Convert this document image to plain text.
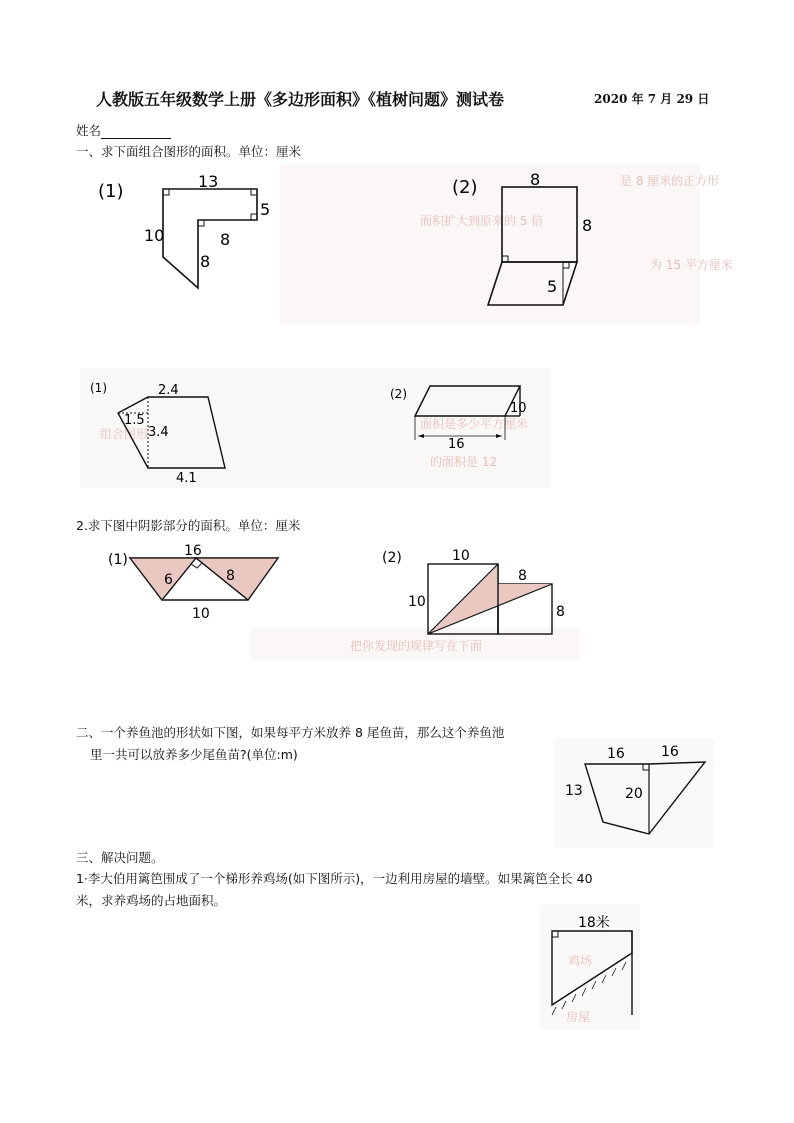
人教版五年级数学上册《多边形面积》《植树问题》测试卷	2020 年 7 月 29 日
姓名
一、求下面组合图形的面积。单位：厘米
是 8 厘米的正方形
面积扩大到原来的 5 倍
为 15 平方厘米
(1)	13
5
10	8
8
(2)	8
8
5
组合图形
面积是多少平方厘米
的面积是 12
(1)	2.4
1.5
3.4
4.1
(2)
16
10
2.求下图中阴影部分的面积。单位：厘米
把你发现的规律写在下面
(1)
16
6	8
10
(2)	10
10
8
8
二、一个养鱼池的形状如下图，如果每平方米放养 8 尾鱼苗，那么这个养鱼池
里一共可以放养多少尾鱼苗?(单位:m)	16	16
13	20
三、解决问题。
1·李大伯用篱笆围成了一个梯形养鸡场(如下图所示)，一边利用房屋的墙壁。如果篱笆全长 40
米，求养鸡场的占地面积。
鸡场
房屋
18米
